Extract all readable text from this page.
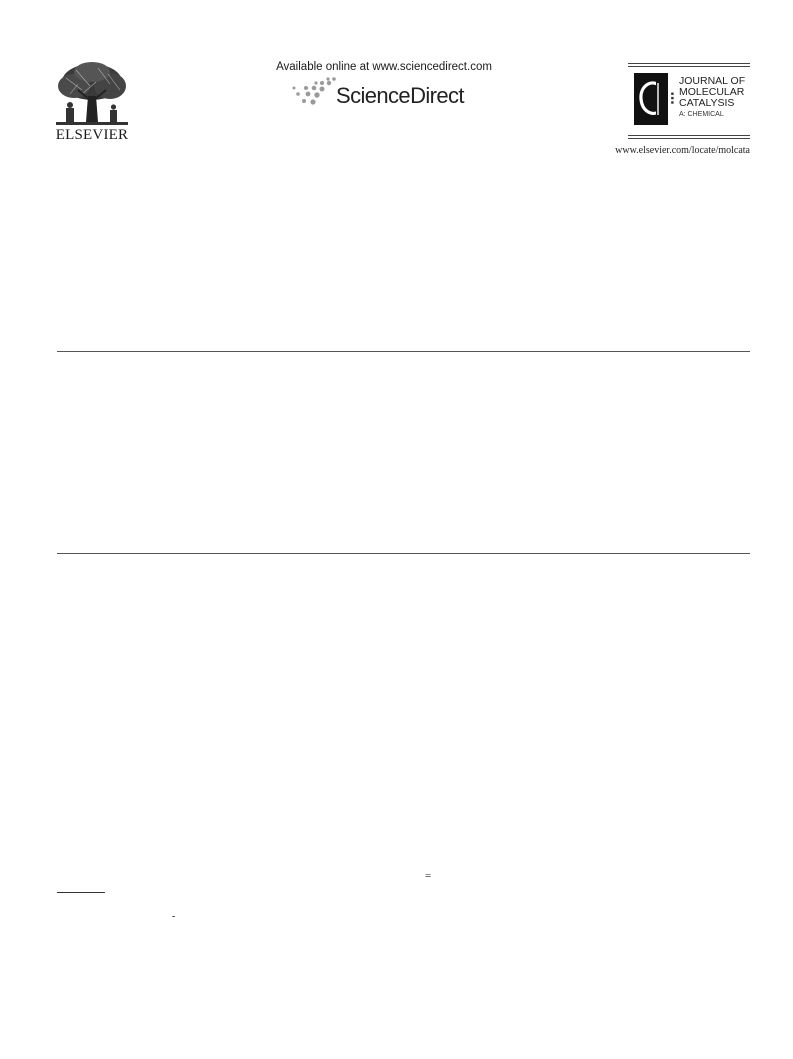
ELSEVIER
Available online at www.sciencedirect.com
ScienceDirect	■ ■ ■
JOURNAL OF
MOLECULAR
CATALYSIS
A: CHEMICAL
www.elsevier.com/locate/molcata
=
-
